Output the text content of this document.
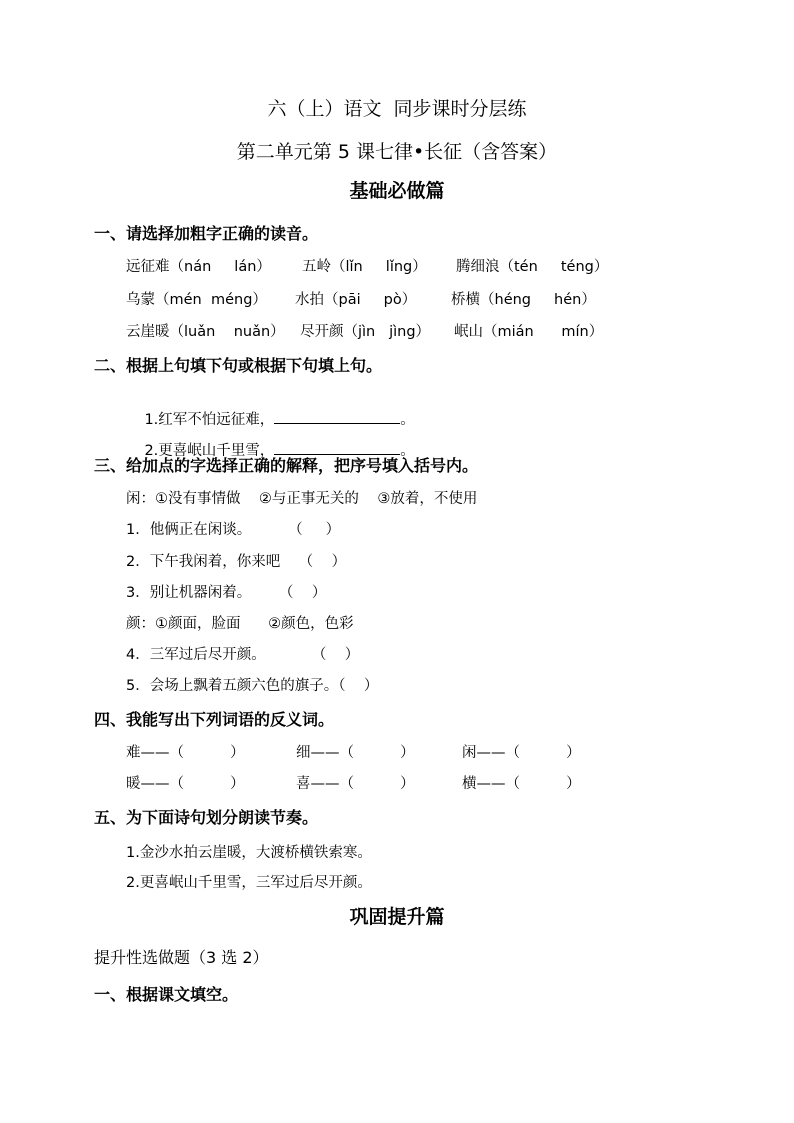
六（上）语文  同步课时分层练
第二单元第 5 课七律•长征（含答案）
基础必做篇
一、请选择加粗字正确的读音。
远征难（nán     lán） 五岭（lǐn     lǐng） 腾细浪（tén     téng）
乌蒙（mén  méng） 水拍（pāi     pò） 桥横（héng     hén）
云崖暖（luǎn    nuǎn） 尽开颜（jìn   jìng） 岷山（mián      mín）
二、根据上句填下句或根据下句填上句。

1.红军不怕远征难，	。

2.更喜岷山千里雪，	。

三、给加点的字选择正确的解释，把序号填入括号内。
闲：①没有事情做    ②与正事无关的    ③放着，不使用
1．他俩正在闲谈。        （     ）
2．下午我闲着，你来吧    （    ）
3．别让机器闲着。      （    ）
颜：①颜面，脸面      ②颜色，色彩
4．三军过后尽开颜。          （    ）
5．会场上飘着五颜六色的旗子。（    ）
四、我能写出下列词语的反义词。
难——（          ）	细——（          ）	闲——（          ）
暖——（          ）	喜——（          ）	横——（          ）
五、为下面诗句划分朗读节奏。
1.金沙水拍云崖暖，大渡桥横铁索寒。
2.更喜岷山千里雪，三军过后尽开颜。
巩固提升篇
提升性选做题（3 选 2）
一、根据课文填空。
